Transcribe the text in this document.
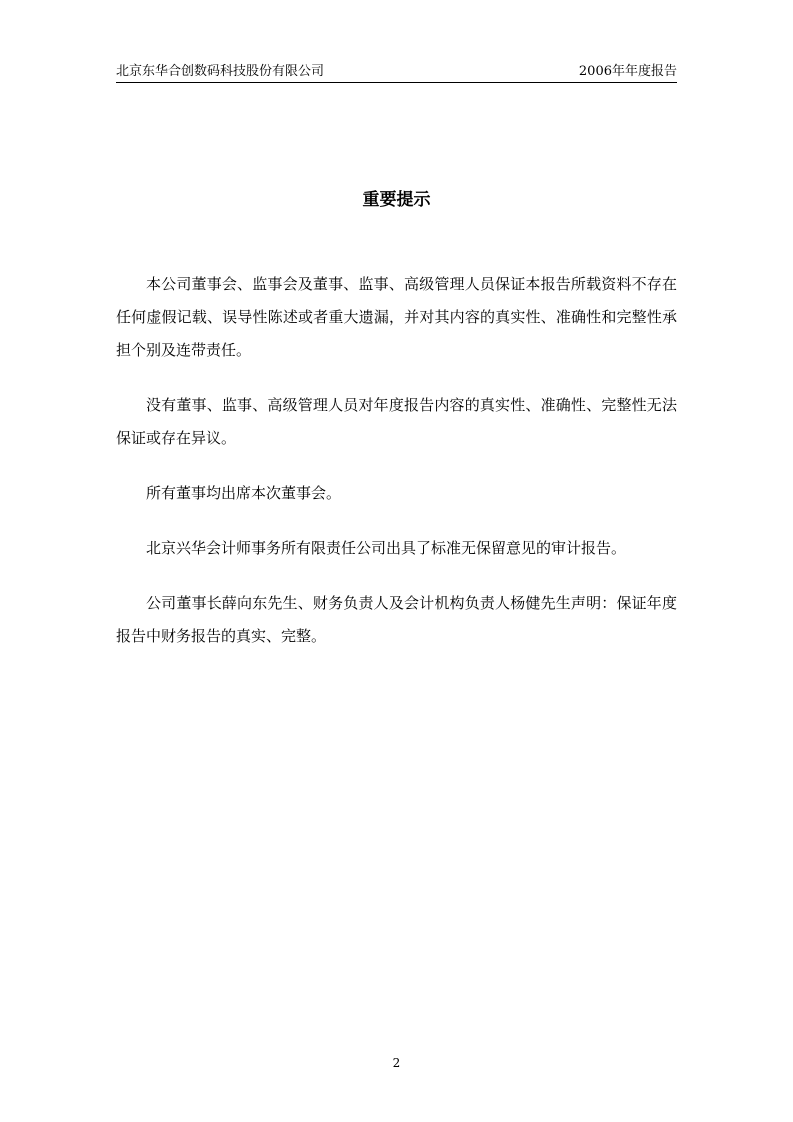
北京东华合创数码科技股份有限公司	2006年年度报告
重要提示

本公司董事会、监事会及董事、监事、高级管理人员保证本报告所载资料不存在任何虚假记载、误导性陈述或者重大遗漏，并对其内容的真实性、准确性和完整性承担个别及连带责任。

没有董事、监事、高级管理人员对年度报告内容的真实性、准确性、完整性无法保证或存在异议。

所有董事均出席本次董事会。

北京兴华会计师事务所有限责任公司出具了标准无保留意见的审计报告。

公司董事长薛向东先生、财务负责人及会计机构负责人杨健先生声明：保证年度报告中财务报告的真实、完整。

2
